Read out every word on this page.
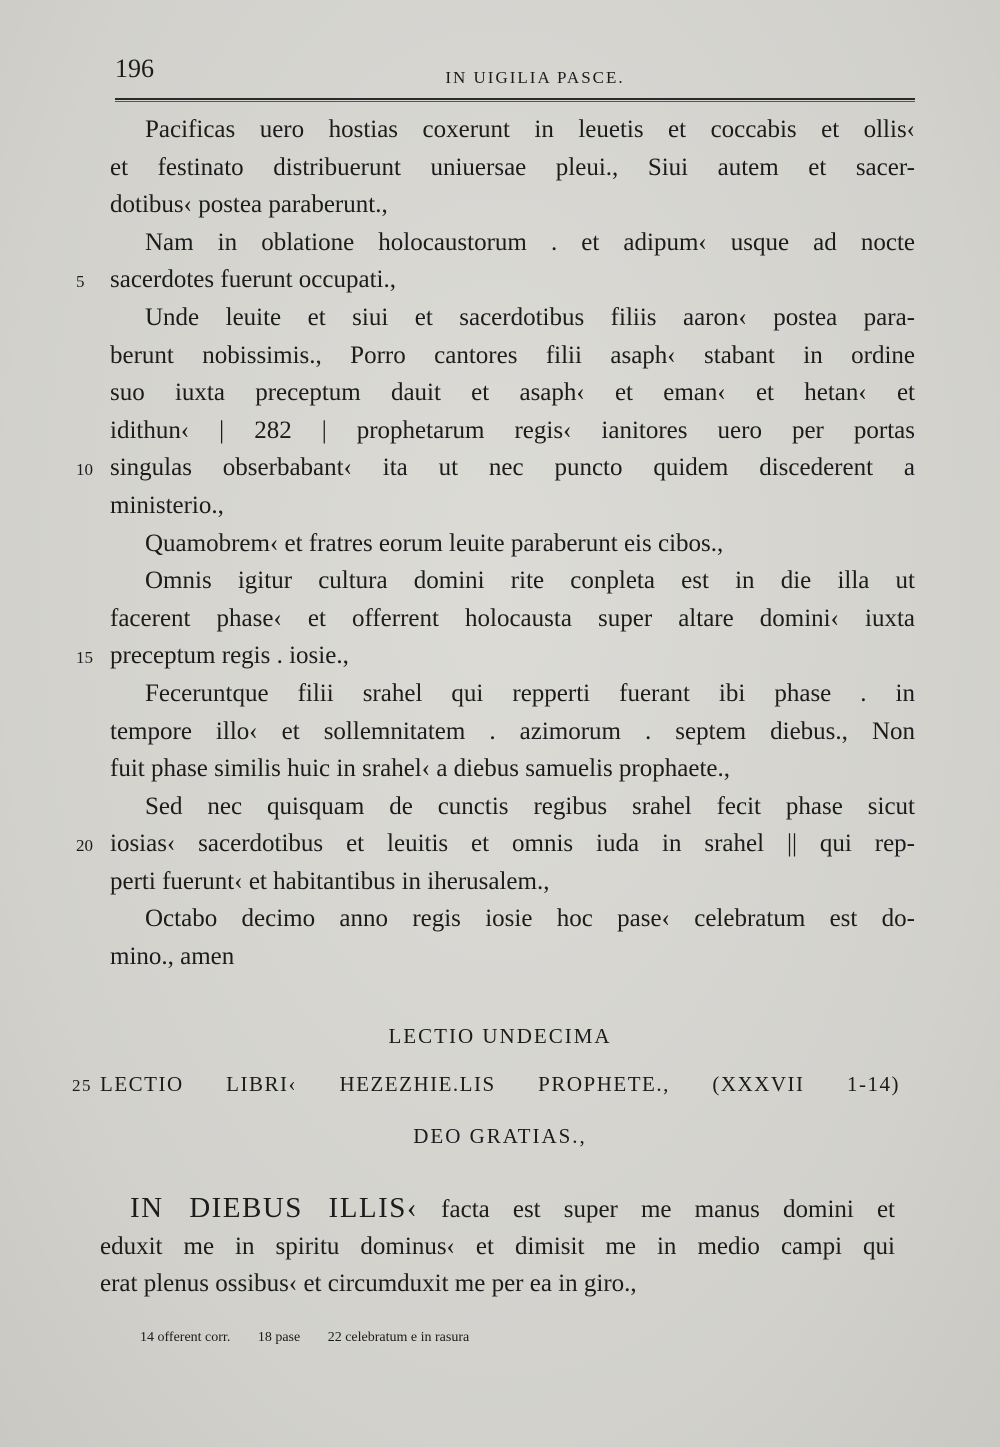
196	IN UIGILIA PASCE.
Pacificas uero hostias coxerunt in leuetis et coccabis et ollis‹
et festinato distribuerunt uniuersae pleui., Siui autem et sacer-
dotibus‹ postea paraberunt.,
Nam in oblatione holocaustorum . et adipum‹ usque ad nocte
5 sacerdotes fuerunt occupati.,
Unde leuite et siui et sacerdotibus filiis aaron‹ postea para-
berunt nobissimis., Porro cantores filii asaph‹ stabant in ordine
suo iuxta preceptum dauit et asaph‹ et eman‹ et hetan‹ et
idithun‹ | 282 | prophetarum regis‹ ianitores uero per portas
10 singulas obserbabant‹ ita ut nec puncto quidem discederent a
ministerio.,
Quamobrem‹ et fratres eorum leuite paraberunt eis cibos.,
Omnis igitur cultura domini rite conpleta est in die illa ut
facerent phase‹ et offerrent holocausta super altare domini‹ iuxta
15 preceptum regis . iosie.,
Feceruntque filii srahel qui repperti fuerant ibi phase . in
tempore illo‹ et sollemnitatem . azimorum . septem diebus., Non
fuit phase similis huic in srahel‹ a diebus samuelis prophaete.,
Sed nec quisquam de cunctis regibus srahel fecit phase sicut
20 iosias‹ sacerdotibus et leuitis et omnis iuda in srahel || qui rep-
perti fuerunt‹ et habitantibus in iherusalem.,
Octabo decimo anno regis iosie hoc pase‹ celebratum est do-
mino., amen
LECTIO UNDECIMA
25 LECTIO LIBRI‹ HEZEZHIE.LIS PROPHETE., (XXXVII 1-14)
DEO GRATIAS.,
IN DIEBUS ILLIS‹ facta est super me manus domini et
eduxit me in spiritu dominus‹ et dimisit me in medio campi qui
erat plenus ossibus‹ et circumduxit me per ea in giro.,
14 offerent corr. 18 pase 22 celebratum e in rasura
